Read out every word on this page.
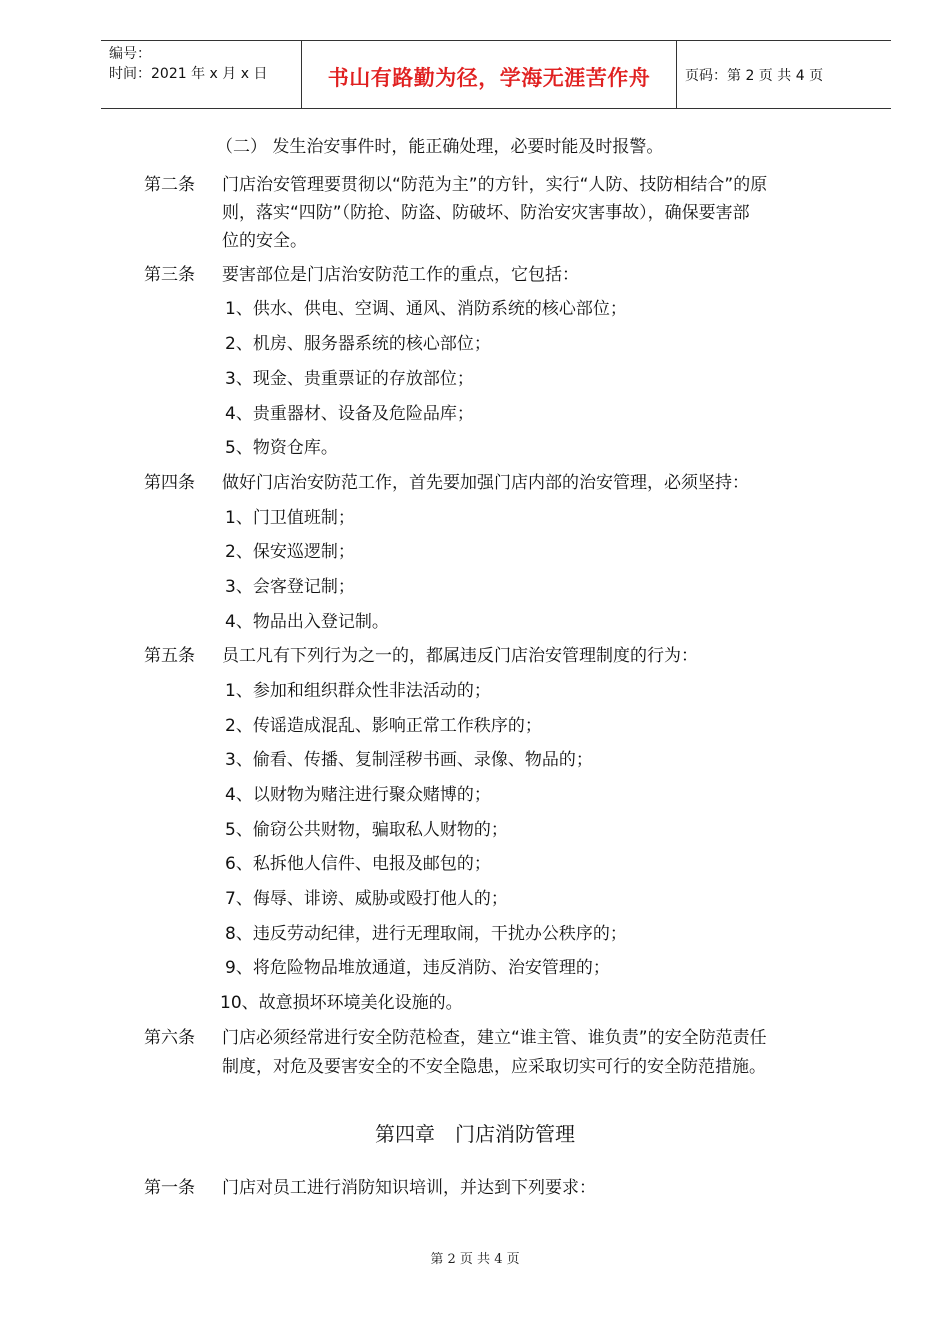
编号：
时间：2021 年 x 月 x 日	书山有路勤为径，学海无涯苦作舟	页码：第 2 页 共 4 页
（二） 发生治安事件时，能正确处理，必要时能及时报警。
第二条 门店治安管理要贯彻以“防范为主”的方针，实行“人防、技防相结合”的原
则，落实“四防”（防抢、防盗、防破坏、防治安灾害事故），确保要害部
位的安全。
第三条 要害部位是门店治安防范工作的重点，它包括：
1、供水、供电、空调、通风、消防系统的核心部位；
2、机房、服务器系统的核心部位；
3、现金、贵重票证的存放部位；
4、贵重器材、设备及危险品库；
5、物资仓库。
第四条 做好门店治安防范工作，首先要加强门店内部的治安管理，必须坚持：
1、门卫值班制；
2、保安巡逻制；
3、会客登记制；
4、物品出入登记制。
第五条 员工凡有下列行为之一的，都属违反门店治安管理制度的行为：
1、参加和组织群众性非法活动的；
2、传谣造成混乱、影响正常工作秩序的；
3、偷看、传播、复制淫秽书画、录像、物品的；
4、以财物为赌注进行聚众赌博的；
5、偷窃公共财物，骗取私人财物的；
6、私拆他人信件、电报及邮包的；
7、侮辱、诽谤、威胁或殴打他人的；
8、违反劳动纪律，进行无理取闹，干扰办公秩序的；
9、将危险物品堆放通道，违反消防、治安管理的；
10、故意损坏环境美化设施的。
第六条 门店必须经常进行安全防范检查，建立“谁主管、谁负责”的安全防范责任
制度，对危及要害安全的不安全隐患，应采取切实可行的安全防范措施。
第四章　门店消防管理
第一条 门店对员工进行消防知识培训，并达到下列要求：
第 2 页 共 4 页
